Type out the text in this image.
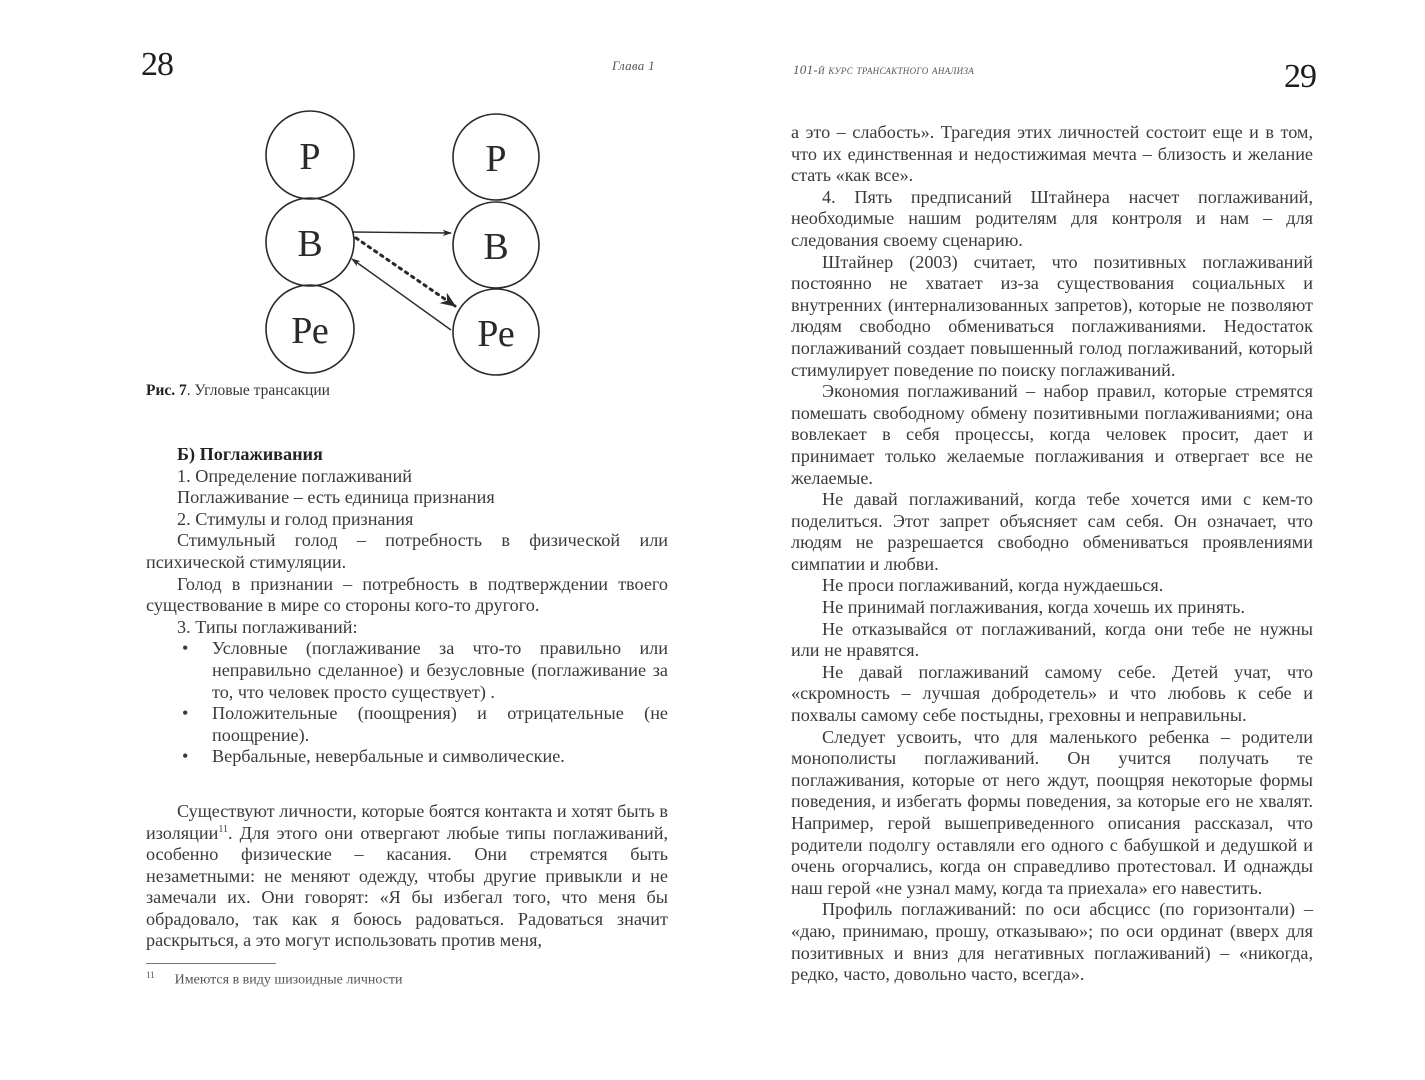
28	Глава 1
Р
В
Ре
Р
В
Ре
Рис. 7. Угловые трансакции

Б) Поглаживания

1. Определение поглаживаний

Поглаживание – есть единица признания

2. Стимулы и голод признания

Стимульный голод – потребность в физической или психической стимуляции.

Голод в признании – потребность в подтверждении твоего существование в мире со стороны кого-то другого.

3. Типы поглаживаний:

• Условные (поглаживание за что-то правильно или неправильно сделанное) и безусловные (поглаживание за то, что человек просто существует) .
• Положительные (поощрения) и отрицательные (не поощрение).
• Вербальные, невербальные и символические.

Существуют личности, которые боятся контакта и хотят быть в изоляции$^{11}$. Для этого они отвергают любые типы поглаживаний, особенно физические – касания. Они стремятся быть незаметными: не меняют одежду, чтобы другие привыкли и не замечали их. Они говорят: «Я бы избегал того, что меня бы обрадовало, так как я боюсь радоваться. Радоваться значит раскрыться, а это могут использовать против меня,

$^{11}$ Имеются в виду шизоидные личности
101-й курс трансактного анализа	29

а это – слабость». Трагедия этих личностей состоит еще и в том, что их единственная и недостижимая мечта – близость и желание стать «как все».

4. Пять предписаний Штайнера насчет поглаживаний, необходимые нашим родителям для контроля и нам – для следования своему сценарию.

Штайнер (2003) считает, что позитивных поглаживаний постоянно не хватает из-за существования социальных и внутренних (интернализованных запретов), которые не позволяют людям свободно обмениваться поглаживаниями. Недостаток поглаживаний создает повышенный голод поглаживаний, который стимулирует поведение по поиску поглаживаний.

Экономия поглаживаний – набор правил, которые стремятся помешать свободному обмену позитивными поглаживаниями; она вовлекает в себя процессы, когда человек просит, дает и принимает только желаемые поглаживания и отвергает все не желаемые.

Не давай поглаживаний, когда тебе хочется ими с кем-то поделиться. Этот запрет объясняет сам себя. Он означает, что людям не разрешается свободно обмениваться проявлениями симпатии и любви.

Не проси поглаживаний, когда нуждаешься.

Не принимай поглаживания, когда хочешь их принять.

Не отказывайся от поглаживаний, когда они тебе не нужны или не нравятся.

Не давай поглаживаний самому себе. Детей учат, что «скромность – лучшая добродетель» и что любовь к себе и похвалы самому себе постыдны, греховны и неправильны.

Следует усвоить, что для маленького ребенка – родители монополисты поглаживаний. Он учится получать те поглаживания, которые от него ждут, поощряя некоторые формы поведения, и избегать формы поведения, за которые его не хвалят. Например, герой вышеприведенного описания рассказал, что родители подолгу оставляли его одного с бабушкой и дедушкой и очень огорчались, когда он справедливо протестовал. И однажды наш герой «не узнал маму, когда та приехала» его навестить.

Профиль поглаживаний: по оси абсцисс (по горизонтали) – «даю, принимаю, прошу, отказываю»; по оси ординат (вверх для позитивных и вниз для негативных поглаживаний) – «никогда, редко, часто, довольно часто, всегда».
